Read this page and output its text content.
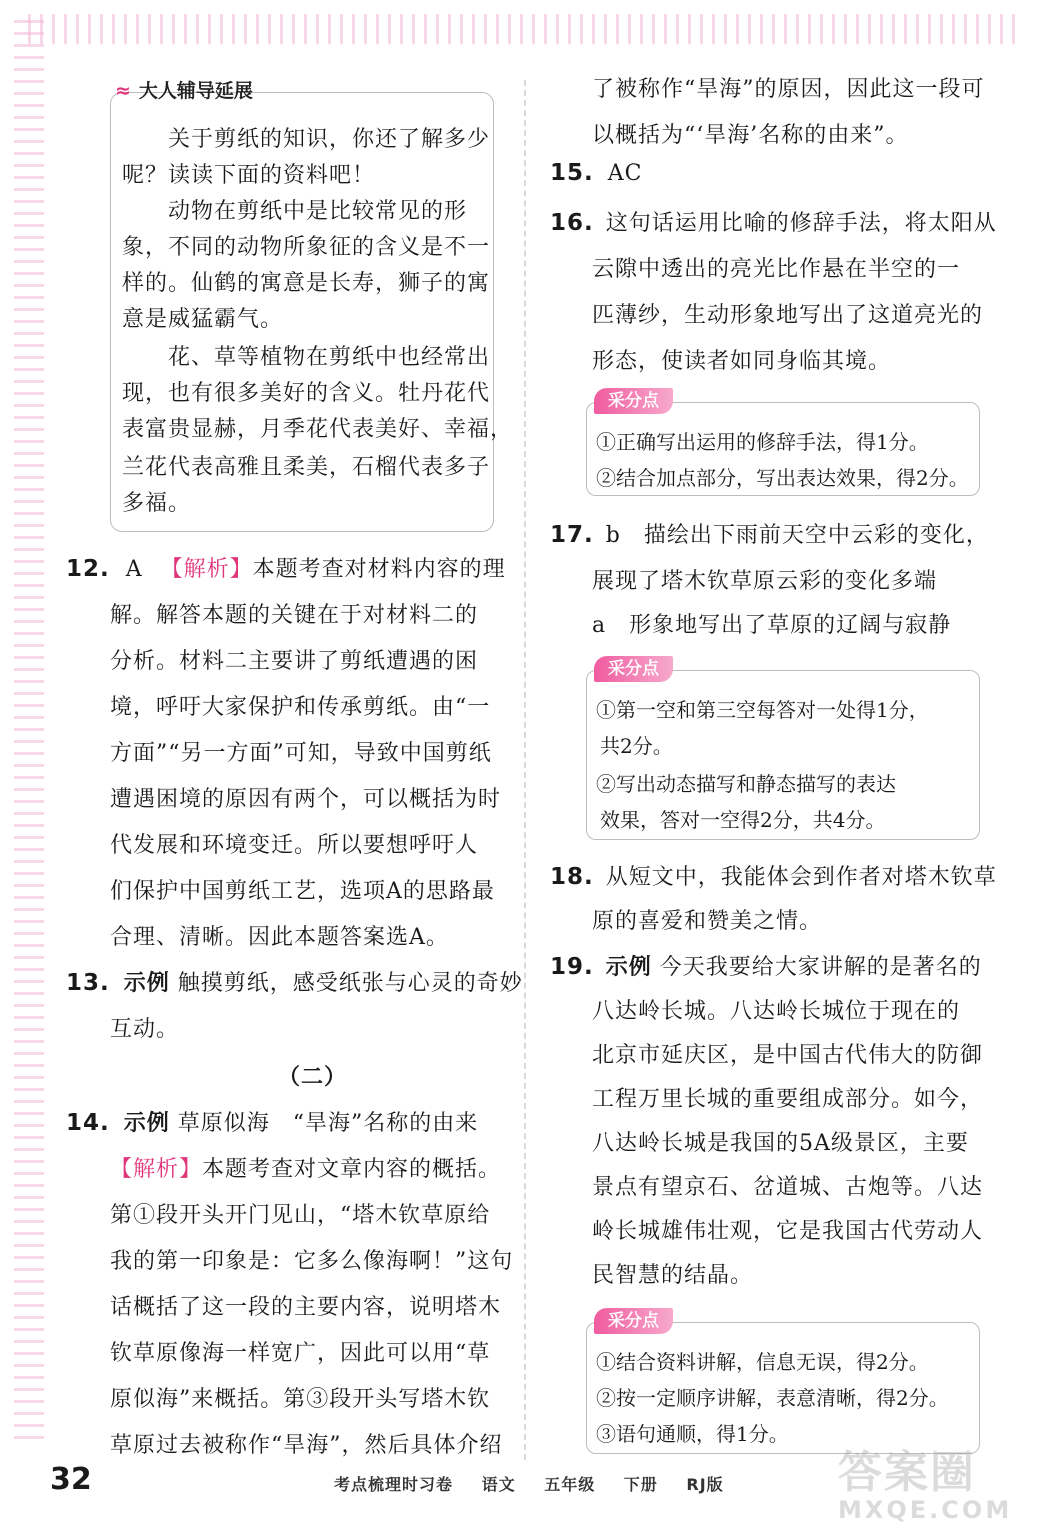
≈ 大人辅导延展
关于剪纸的知识，你还了解多少
呢？读读下面的资料吧！
动物在剪纸中是比较常见的形
象，不同的动物所象征的含义是不一
样的。仙鹤的寓意是长寿，狮子的寓
意是威猛霸气。
花、草等植物在剪纸中也经常出
现，也有很多美好的含义。牡丹花代
表富贵显赫，月季花代表美好、幸福，
兰花代表高雅且柔美，石榴代表多子
多福。
12. A 【解析】本题考查对材料内容的理
解。解答本题的关键在于对材料二的
分析。材料二主要讲了剪纸遭遇的困
境，呼吁大家保护和传承剪纸。由“一
方面”“另一方面”可知，导致中国剪纸
遭遇困境的原因有两个，可以概括为时
代发展和环境变迁。所以要想呼吁人
们保护中国剪纸工艺，选项A的思路最
合理、清晰。因此本题答案选A。
13. 示例 触摸剪纸，感受纸张与心灵的奇妙
互动。
（二）
14. 示例 草原似海　“旱海”名称的由来
【解析】本题考查对文章内容的概括。
第①段开头开门见山，“塔木钦草原给
我的第一印象是：它多么像海啊！”这句
话概括了这一段的主要内容，说明塔木
钦草原像海一样宽广，因此可以用“草
原似海”来概括。第③段开头写塔木钦
草原过去被称作“旱海”，然后具体介绍
了被称作“旱海”的原因，因此这一段可
以概括为“‘旱海’名称的由来”。
15. AC
16. 这句话运用比喻的修辞手法，将太阳从
云隙中透出的亮光比作悬在半空的一
匹薄纱，生动形象地写出了这道亮光的
形态，使读者如同身临其境。
采分点
①正确写出运用的修辞手法，得1分。
②结合加点部分，写出表达效果，得2分。
17. b　描绘出下雨前天空中云彩的变化，
展现了塔木钦草原云彩的变化多端
a　形象地写出了草原的辽阔与寂静
采分点
①第一空和第三空每答对一处得1分，
共2分。
②写出动态描写和静态描写的表达
效果，答对一空得2分，共4分。
18. 从短文中，我能体会到作者对塔木钦草
原的喜爱和赞美之情。
19. 示例 今天我要给大家讲解的是著名的
八达岭长城。八达岭长城位于现在的
北京市延庆区，是中国古代伟大的防御
工程万里长城的重要组成部分。如今，
八达岭长城是我国的5A级景区，主要
景点有望京石、岔道城、古炮等。八达
岭长城雄伟壮观，它是我国古代劳动人
民智慧的结晶。
采分点
①结合资料讲解，信息无误，得2分。
②按一定顺序讲解，表意清晰，得2分。
③语句通顺，得1分。
32	考点梳理时习卷 语文 五年级 下册 RJ版	答案圈
MXQE.COM
